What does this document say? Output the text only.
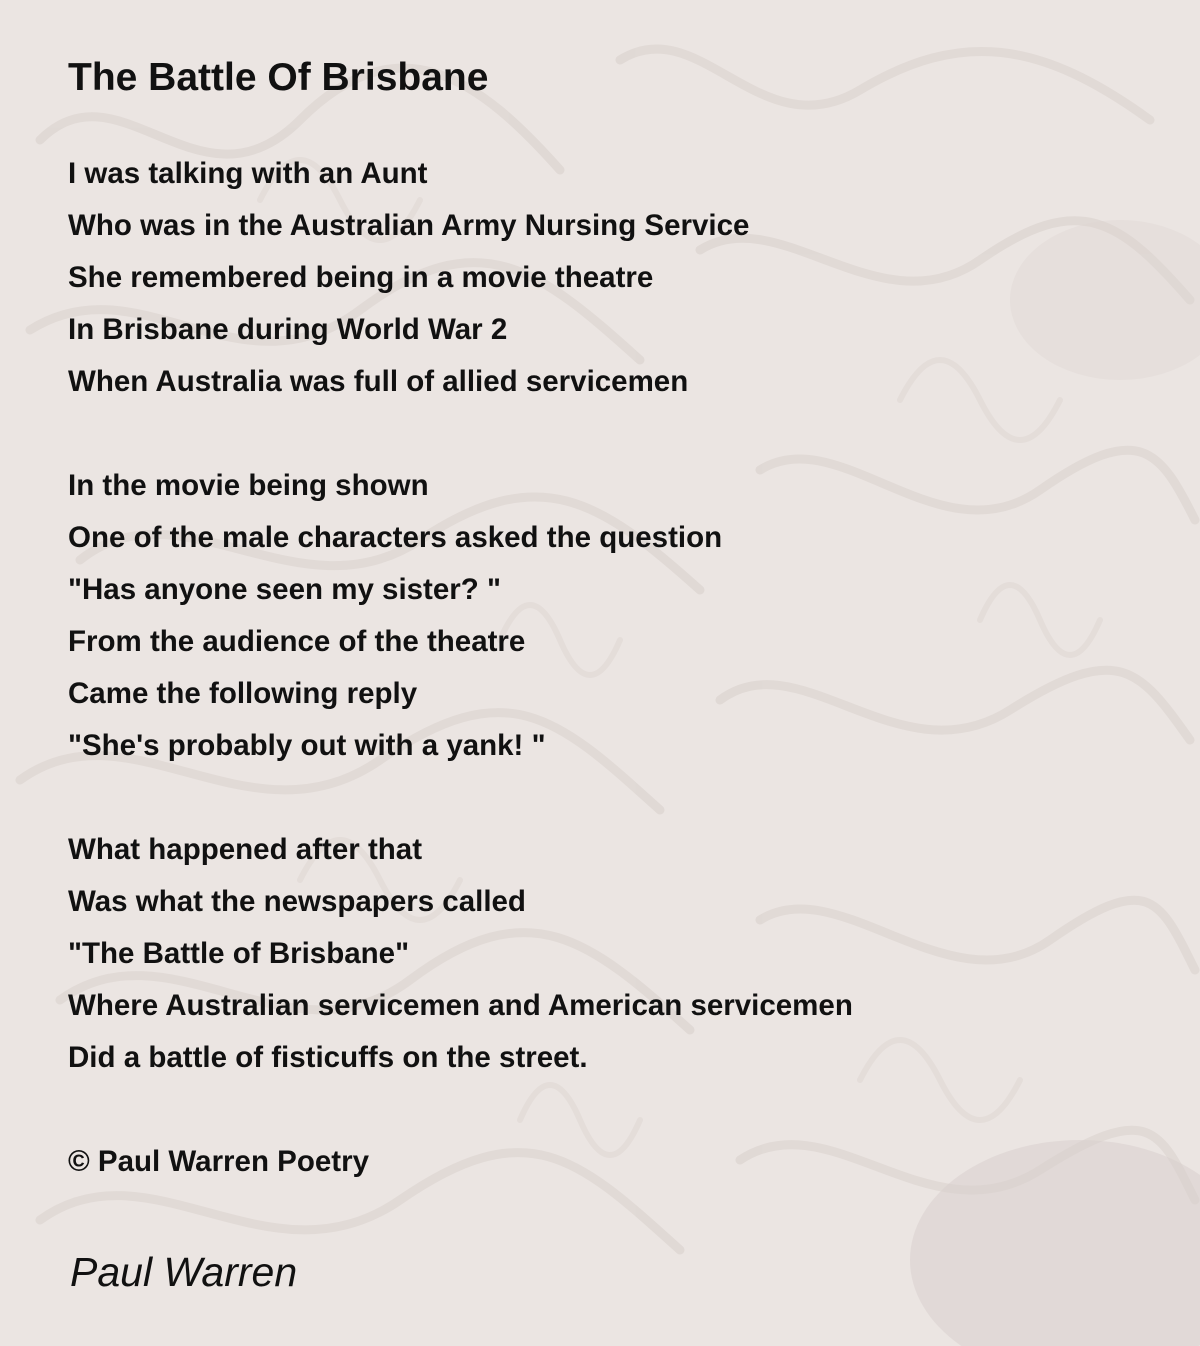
The Battle Of Brisbane
I was talking with an Aunt
Who was in the Australian Army Nursing Service
She remembered being in a movie theatre
In Brisbane during World War 2
When Australia was full of allied servicemen
In the movie being shown
One of the male characters asked the question
"Has anyone seen my sister? "
From the audience of the theatre
Came the following reply
"She's probably out with a yank! "
What happened after that
Was what the newspapers called
"The Battle of Brisbane"
Where Australian servicemen and American servicemen
Did a battle of fisticuffs on the street.
© Paul Warren Poetry
Paul Warren
